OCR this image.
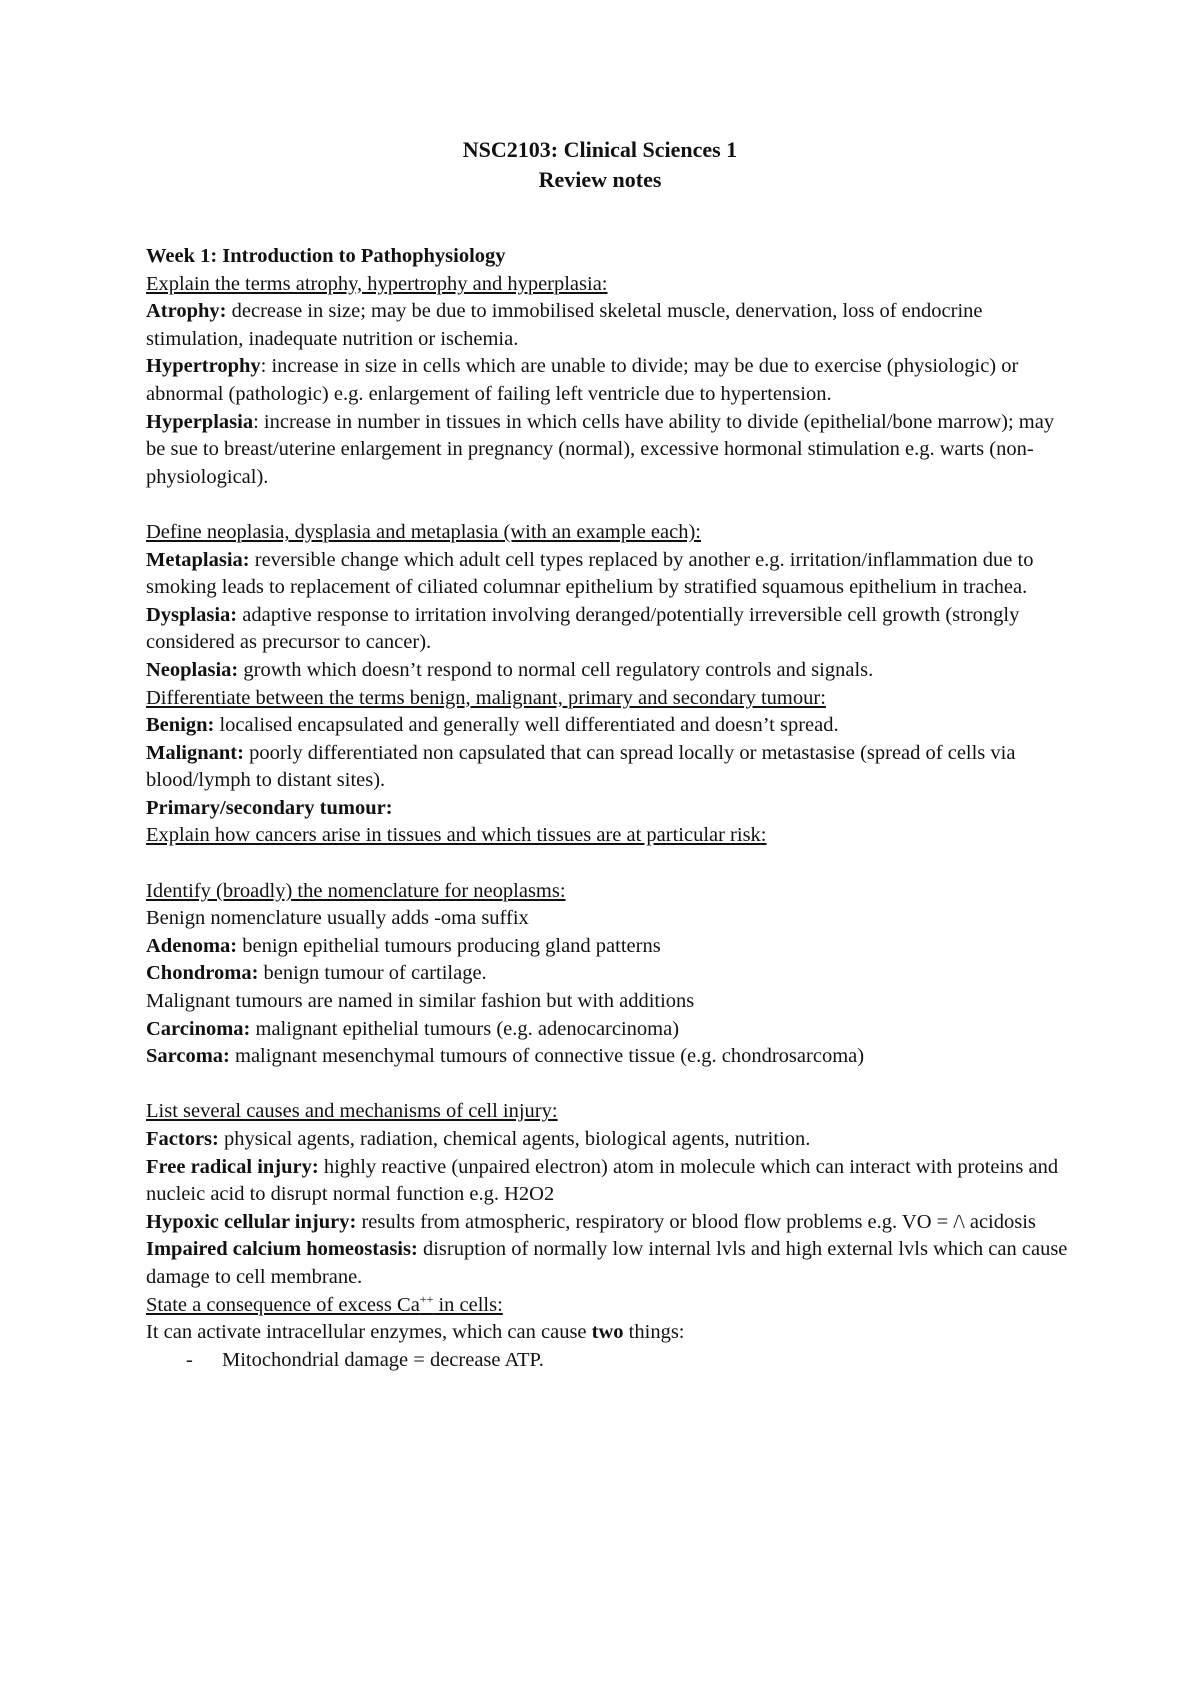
NSC2103: Clinical Sciences 1
Review notes
Week 1: Introduction to Pathophysiology
Explain the terms atrophy, hypertrophy and hyperplasia:
Atrophy: decrease in size; may be due to immobilised skeletal muscle, denervation, loss of endocrine stimulation, inadequate nutrition or ischemia.
Hypertrophy: increase in size in cells which are unable to divide; may be due to exercise (physiologic) or abnormal (pathologic) e.g. enlargement of failing left ventricle due to hypertension.
Hyperplasia: increase in number in tissues in which cells have ability to divide (epithelial/bone marrow); may be sue to breast/uterine enlargement in pregnancy (normal), excessive hormonal stimulation e.g. warts (non-physiological).
Define neoplasia, dysplasia and metaplasia (with an example each):
Metaplasia: reversible change which adult cell types replaced by another e.g. irritation/inflammation due to smoking leads to replacement of ciliated columnar epithelium by stratified squamous epithelium in trachea.
Dysplasia: adaptive response to irritation involving deranged/potentially irreversible cell growth (strongly considered as precursor to cancer).
Neoplasia: growth which doesn’t respond to normal cell regulatory controls and signals.
Differentiate between the terms benign, malignant, primary and secondary tumour:
Benign: localised encapsulated and generally well differentiated and doesn’t spread.
Malignant: poorly differentiated non capsulated that can spread locally or metastasise (spread of cells via blood/lymph to distant sites).
Primary/secondary tumour:
Explain how cancers arise in tissues and which tissues are at particular risk:
Identify (broadly) the nomenclature for neoplasms:
Benign nomenclature usually adds -oma suffix
Adenoma: benign epithelial tumours producing gland patterns
Chondroma: benign tumour of cartilage.
Malignant tumours are named in similar fashion but with additions
Carcinoma: malignant epithelial tumours (e.g. adenocarcinoma)
Sarcoma: malignant mesenchymal tumours of connective tissue (e.g. chondrosarcoma)
List several causes and mechanisms of cell injury:
Factors: physical agents, radiation, chemical agents, biological agents, nutrition.
Free radical injury: highly reactive (unpaired electron) atom in molecule which can interact with proteins and nucleic acid to disrupt normal function e.g. H2O2
Hypoxic cellular injury: results from atmospheric, respiratory or blood flow problems e.g. VO = /\ acidosis
Impaired calcium homeostasis: disruption of normally low internal lvls and high external lvls which can cause damage to cell membrane.
State a consequence of excess Ca++ in cells:
It can activate intracellular enzymes, which can cause two things:
-	Mitochondrial damage = decrease ATP.
